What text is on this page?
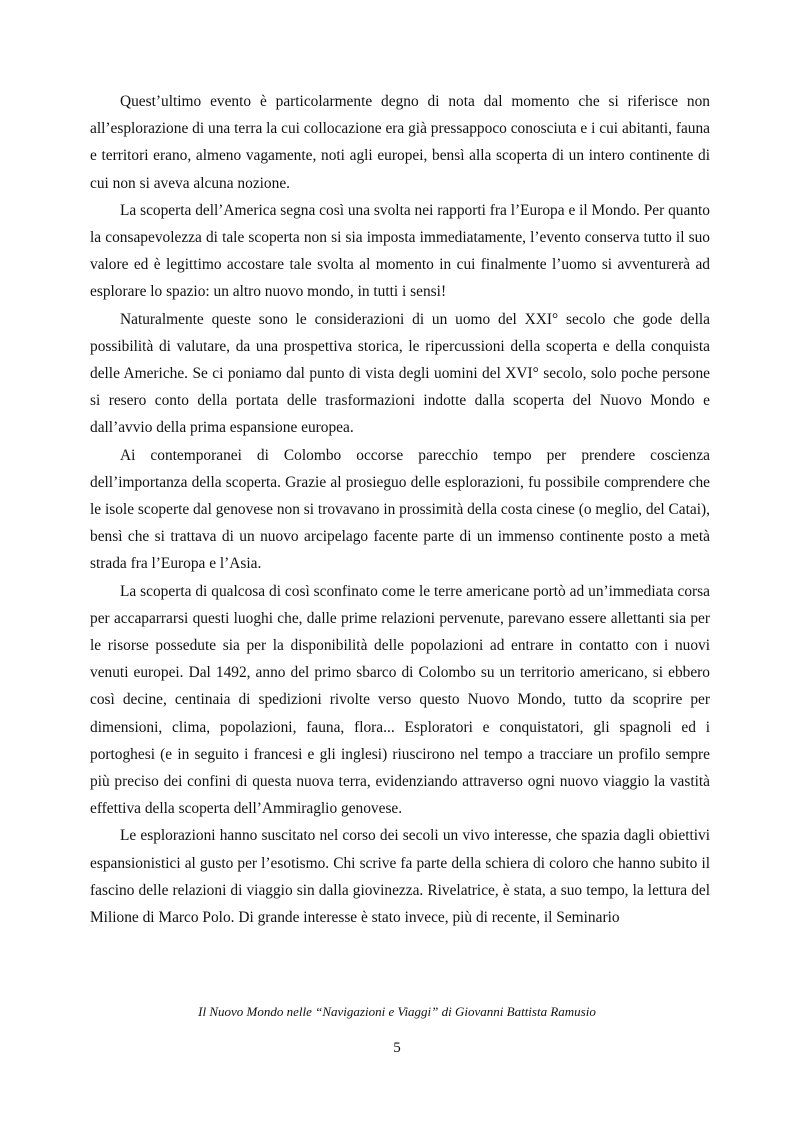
Quest’ultimo evento è particolarmente degno di nota dal momento che si riferisce non all’esplorazione di una terra la cui collocazione era già pressappoco conosciuta e i cui abitanti, fauna e territori erano, almeno vagamente, noti agli europei, bensì alla scoperta di un intero continente di cui non si aveva alcuna nozione.

La scoperta dell’America segna così una svolta nei rapporti fra l’Europa e il Mondo. Per quanto la consapevolezza di tale scoperta non si sia imposta immediatamente, l’evento conserva tutto il suo valore ed è legittimo accostare tale svolta al momento in cui finalmente l’uomo si avventurerà ad esplorare lo spazio: un altro nuovo mondo, in tutti i sensi!

Naturalmente queste sono le considerazioni di un uomo del XXI° secolo che gode della possibilità di valutare, da una prospettiva storica, le ripercussioni della scoperta e della conquista delle Americhe. Se ci poniamo dal punto di vista degli uomini del XVI° secolo, solo poche persone si resero conto della portata delle trasformazioni indotte dalla scoperta del Nuovo Mondo e dall’avvio della prima espansione europea.

Ai contemporanei di Colombo occorse parecchio tempo per prendere coscienza dell’importanza della scoperta. Grazie al prosieguo delle esplorazioni, fu possibile comprendere che le isole scoperte dal genovese non si trovavano in prossimità della costa cinese (o meglio, del Catai), bensì che si trattava di un nuovo arcipelago facente parte di un immenso continente posto a metà strada fra l’Europa e l’Asia.

La scoperta di qualcosa di così sconfinato come le terre americane portò ad un’immediata corsa per accaparrarsi questi luoghi che, dalle prime relazioni pervenute, parevano essere allettanti sia per le risorse possedute sia per la disponibilità delle popolazioni ad entrare in contatto con i nuovi venuti europei. Dal 1492, anno del primo sbarco di Colombo su un territorio americano, si ebbero così decine, centinaia di spedizioni rivolte verso questo Nuovo Mondo, tutto da scoprire per dimensioni, clima, popolazioni, fauna, flora... Esploratori e conquistatori, gli spagnoli ed i portoghesi (e in seguito i francesi e gli inglesi) riuscirono nel tempo a tracciare un profilo sempre più preciso dei confini di questa nuova terra, evidenziando attraverso ogni nuovo viaggio la vastità effettiva della scoperta dell’Ammiraglio genovese.

Le esplorazioni hanno suscitato nel corso dei secoli un vivo interesse, che spazia dagli obiettivi espansionistici al gusto per l’esotismo. Chi scrive fa parte della schiera di coloro che hanno subito il fascino delle relazioni di viaggio sin dalla giovinezza. Rivelatrice, è stata, a suo tempo, la lettura del Milione di Marco Polo. Di grande interesse è stato invece, più di recente, il Seminario

Il Nuovo Mondo nelle “Navigazioni e Viaggi” di Giovanni Battista Ramusio
5
